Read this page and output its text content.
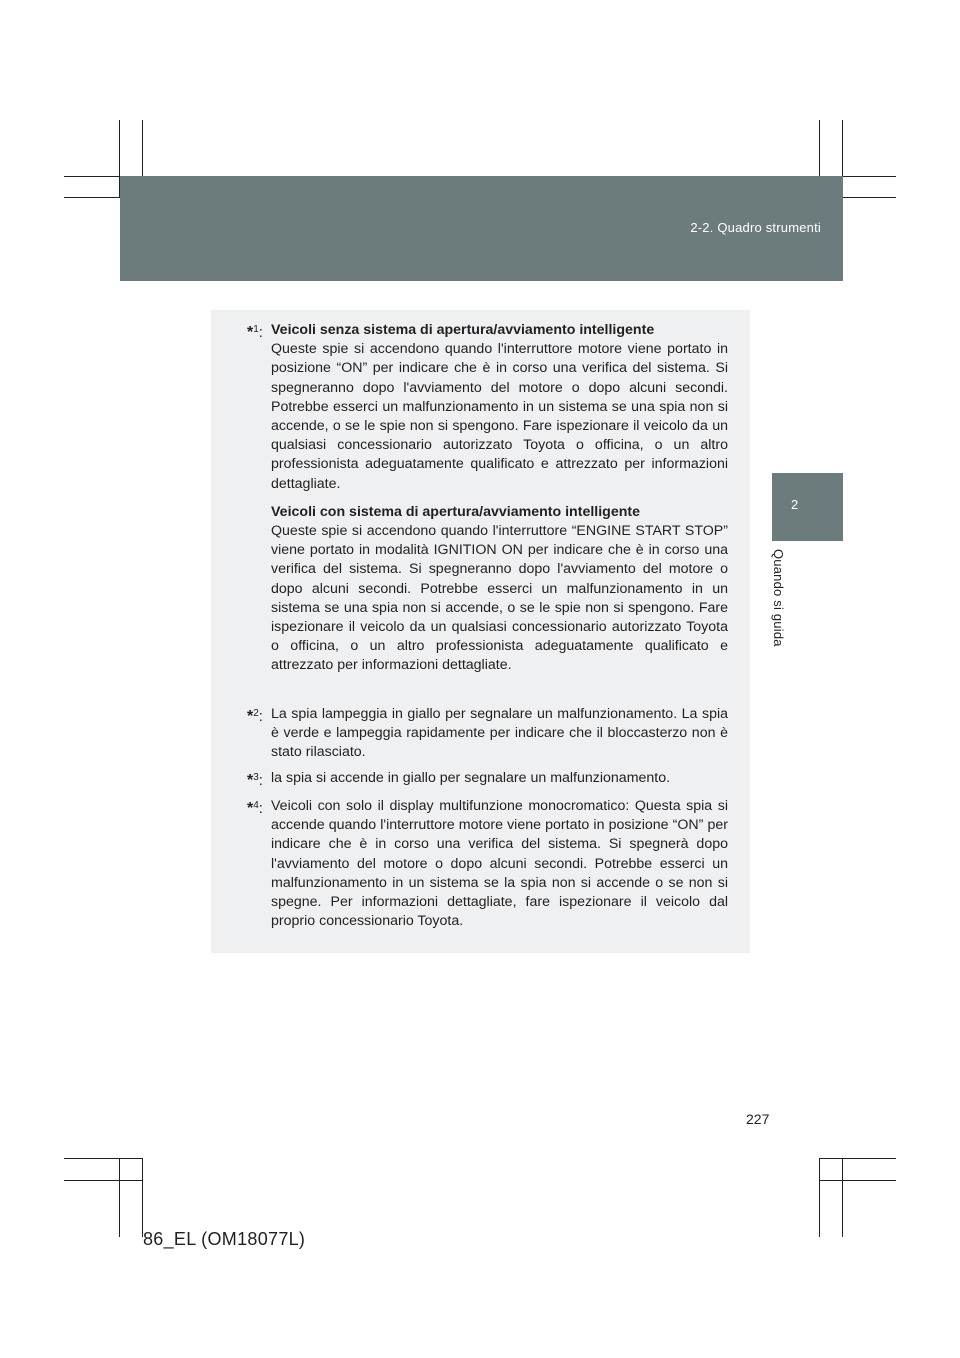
2-2. Quadro strumenti
2
Quando si guida
*$^1$: Veicoli senza sistema di apertura/avviamento intelligente

Queste spie si accendono quando l'interruttore motore viene portato in posizione “ON” per indicare che è in corso una verifica del sistema. Si spegneranno dopo l'avviamento del motore o dopo alcuni secondi. Potrebbe esserci un malfunzionamento in un sistema se una spia non si accende, o se le spie non si spengono. Fare ispezionare il veicolo da un qualsiasi concessionario autorizzato Toyota o officina, o un altro professionista adeguatamente qualificato e attrezzato per informazioni dettagliate.

Veicoli con sistema di apertura/avviamento intelligente

Queste spie si accendono quando l'interruttore “ENGINE START STOP” viene portato in modalità IGNITION ON per indicare che è in corso una verifica del sistema. Si spegneranno dopo l'avviamento del motore o dopo alcuni secondi. Potrebbe esserci un malfunzionamento in un sistema se una spia non si accende, o se le spie non si spengono. Fare ispezionare il veicolo da un qualsiasi concessionario autorizzato Toyota o officina, o un altro professionista adeguatamente qualificato e attrezzato per informazioni dettagliate.

*$^2$: La spia lampeggia in giallo per segnalare un malfunzionamento. La spia è verde e lampeggia rapidamente per indicare che il bloccasterzo non è stato rilasciato.
*$^3$: la spia si accende in giallo per segnalare un malfunzionamento.
*$^4$: Veicoli con solo il display multifunzione monocromatico: Questa spia si accende quando l'interruttore motore viene portato in posizione “ON” per indicare che è in corso una verifica del sistema. Si spegnerà dopo l'avviamento del motore o dopo alcuni secondi. Potrebbe esserci un malfunzionamento in un sistema se la spia non si accende o se non si spegne. Per informazioni dettagliate, fare ispezionare il veicolo dal proprio concessionario Toyota.
227
86_EL (OM18077L)
